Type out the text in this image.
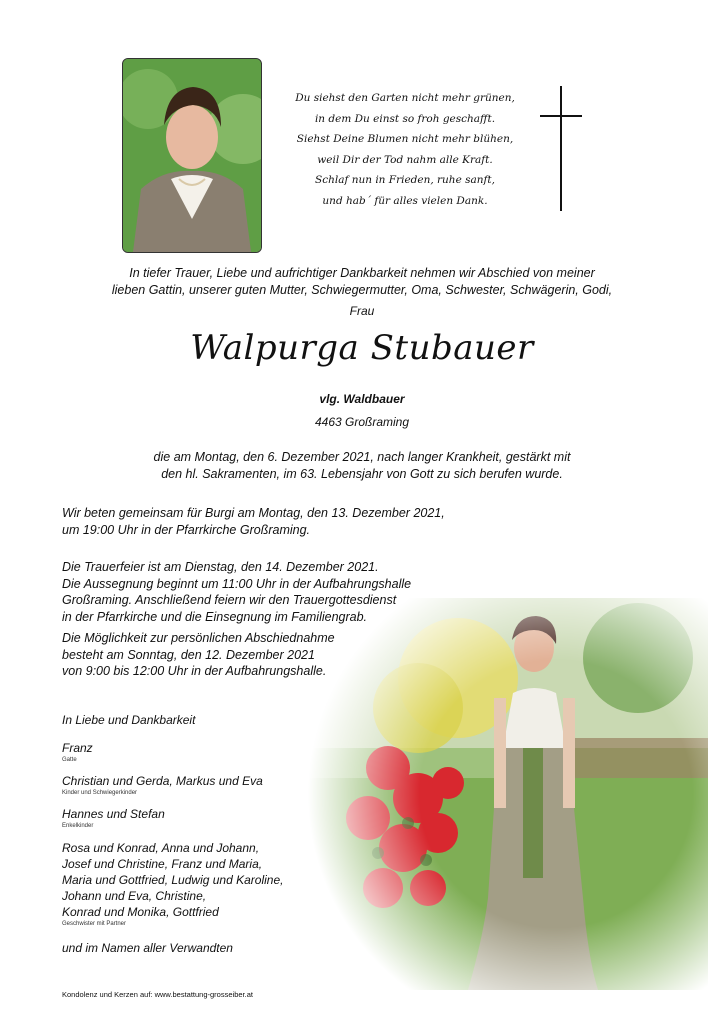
Du siehst den Garten nicht mehr grünen,
in dem Du einst so froh geschafft.
Siehst Deine Blumen nicht mehr blühen,
weil Dir der Tod nahm alle Kraft.
Schlaf nun in Frieden, ruhe sanft,
und hab´ für alles vielen Dank.
In tiefer Trauer, Liebe und aufrichtiger Dankbarkeit nehmen wir Abschied von meiner
lieben Gattin, unserer guten Mutter, Schwiegermutter, Oma, Schwester, Schwägerin, Godi,
Frau
Walpurga Stubauer
vlg. Waldbauer
4463 Großraming
die am Montag, den 6. Dezember 2021, nach langer Krankheit, gestärkt mit
den hl. Sakramenten, im 63. Lebensjahr von Gott zu sich berufen wurde.
Wir beten gemeinsam für Burgi am Montag, den 13. Dezember 2021,
um 19:00 Uhr in der Pfarrkirche Großraming.
Die Trauerfeier ist am Dienstag, den 14. Dezember 2021.
Die Aussegnung beginnt um 11:00 Uhr in der Aufbahrungshalle
Großraming. Anschließend feiern wir den Trauergottesdienst
in der Pfarrkirche und die Einsegnung im Familiengrab.
Die Möglichkeit zur persönlichen Abschiednahme
besteht am Sonntag, den 12. Dezember 2021
von 9:00 bis 12:00 Uhr in der Aufbahrungshalle.
In Liebe und Dankbarkeit
Franz
Gatte
Christian und Gerda, Markus und Eva
Kinder und Schwiegerkinder
Hannes und Stefan
Enkelkinder
Rosa und Konrad, Anna und Johann,
Josef und Christine, Franz und Maria,
Maria und Gottfried, Ludwig und Karoline,
Johann und Eva, Christine,
Konrad und Monika, Gottfried
Geschwister mit Partner
und im Namen aller Verwandten
Kondolenz und Kerzen auf: www.bestattung-grosseiber.at
